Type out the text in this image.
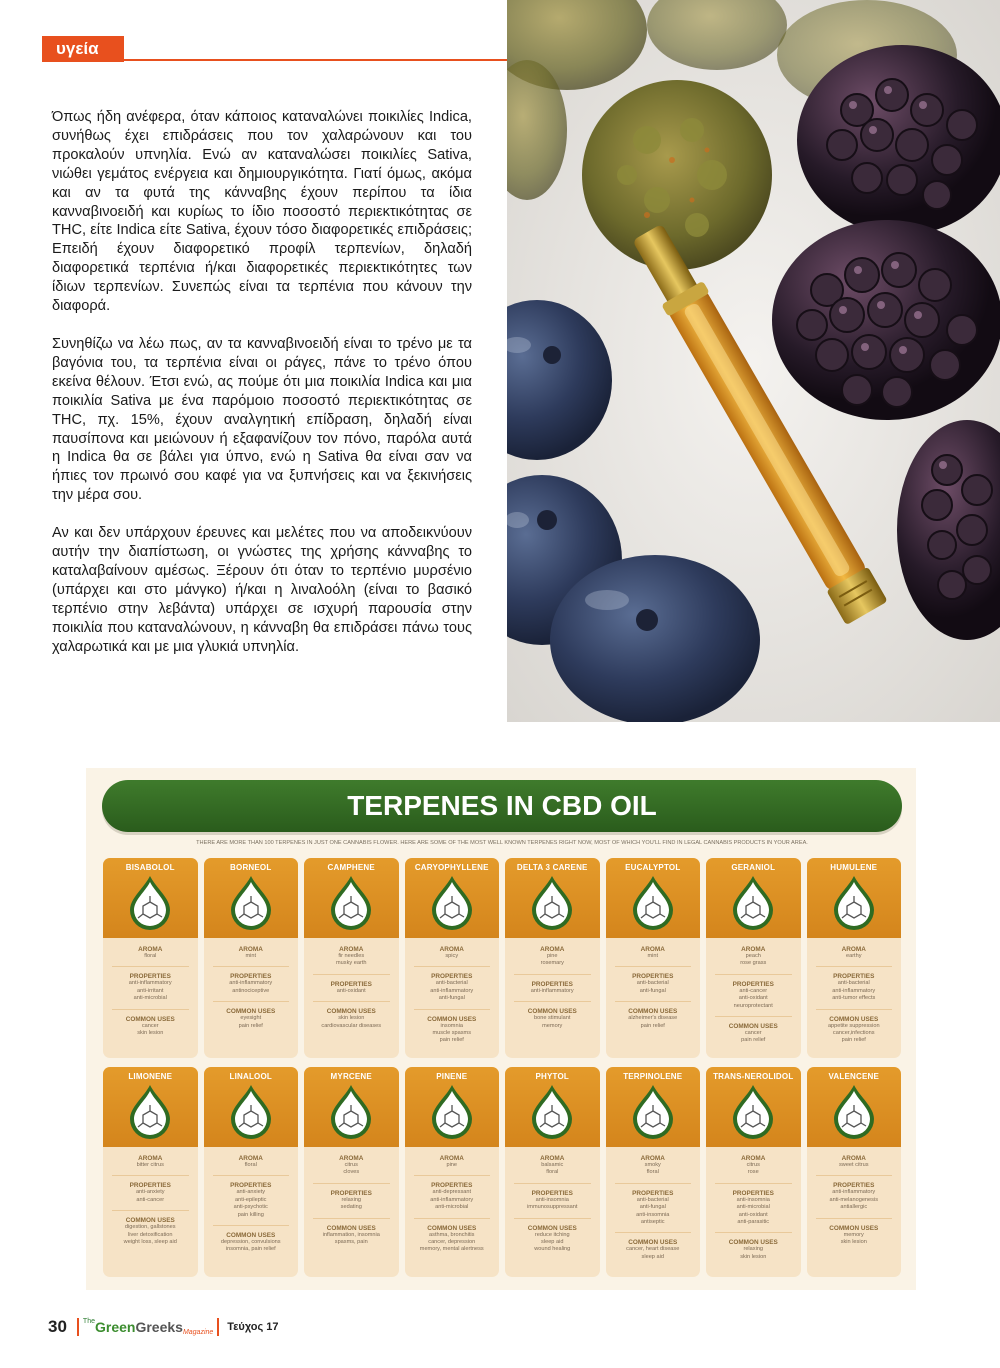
υγεία

Όπως ήδη ανέφερα, όταν κάποιος καταναλώνει ποικιλίες Indica, συνήθως έχει επιδράσεις που τον χαλαρώνουν και του προκαλούν υπνηλία. Ενώ αν καταναλώσει ποικιλίες Sativa, νιώθει γεμάτος ενέργεια και δημιουργικότητα. Γιατί όμως, ακόμα και αν τα φυτά της κάνναβης έχουν περίπου τα ίδια κανναβινοειδή και κυρίως το ίδιο ποσοστό περιεκτικότητας σε THC, είτε Indica είτε Sativa, έχουν τόσο διαφορετικές επιδράσεις; Επειδή έχουν διαφορετικό προφίλ τερπενίων, δηλαδή διαφορετικά τερπένια ή/και διαφορετικές περιεκτικότητες των ίδιων τερπενίων. Συνεπώς είναι τα τερπένια που κάνουν την διαφορά.

Συνηθίζω να λέω πως, αν τα κανναβινοειδή είναι το τρένο με τα βαγόνια του, τα τερπένια είναι οι ράγες, πάνε το τρένο όπου εκείνα θέλουν. Έτσι ενώ, ας πούμε ότι μια ποικιλία Indica και μια ποικιλία Sativa με ένα παρόμοιο ποσοστό περιεκτικότητας σε THC, πχ. 15%, έχουν αναλγητική επίδραση, δηλαδή είναι παυσίπονα και μειώνουν ή εξαφανίζουν τον πόνο, παρόλα αυτά η Indica θα σε βάλει για ύπνο, ενώ η Sativa θα είναι σαν να ήπιες τον πρωινό σου καφέ για να ξυπνήσεις και να ξεκινήσεις την μέρα σου.

Αν και δεν υπάρχουν έρευνες και μελέτες που να αποδεικνύουν αυτήν την διαπίστωση, οι γνώστες της χρήσης κάνναβης το καταλαβαίνουν αμέσως. Ξέρουν ότι όταν το τερπένιο μυρσένιο (υπάρχει και στο μάνγκο) ή/και η λιναλοόλη (είναι το βασικό τερπένιο στην λεβάντα) υπάρχει σε ισχυρή παρουσία στην ποικιλία που καταναλώνουν, η κάνναβη θα επιδράσει πάνω τους χαλαρωτικά και με μια γλυκιά υπνηλία.

TERPENES IN CBD OIL
THERE ARE MORE THAN 100 TERPENES IN JUST ONE CANNABIS FLOWER. HERE ARE SOME OF THE MOST WELL KNOWN TERPENES RIGHT NOW, MOST OF WHICH YOU'LL FIND IN LEGAL CANNABIS PRODUCTS IN YOUR AREA.
BISABOLOL
AROMA
floral
PROPERTIES
anti-inflammatory
anti-irritant
anti-microbial
COMMON USES
cancer
skin lesion
BORNEOL
AROMA
mint
PROPERTIES
anti-inflammatory
antinociceptive
COMMON USES
eyesight
pain relief
CAMPHENE
AROMA
fir needles
musky earth
PROPERTIES
anti-oxidant
COMMON USES
skin lesion
cardiovascular diseases
CARYOPHYLLENE
AROMA
spicy
PROPERTIES
anti-bacterial
anti-inflammatory
anti-fungal
COMMON USES
insomnia
muscle spasms
pain relief
DELTA 3 CARENE
AROMA
pine
rosemary
PROPERTIES
anti-inflammatory
COMMON USES
bone stimulant
memory
EUCALYPTOL
AROMA
mint
PROPERTIES
anti-bacterial
anti-fungal
COMMON USES
alzheimer's disease
pain relief
GERANIOL
AROMA
peach
rose grass
PROPERTIES
anti-cancer
anti-oxidant
neuroprotectant
COMMON USES
cancer
pain relief
HUMULENE
AROMA
earthy
PROPERTIES
anti-bacterial
anti-inflammatory
anti-tumor effects
COMMON USES
appetite suppression
cancer,infections
pain relief
LIMONENE
AROMA
bitter citrus
PROPERTIES
anti-anxiety
anti-cancer
COMMON USES
digestion, gallstones
liver detoxification
weight loss, sleep aid
LINALOOL
AROMA
floral
PROPERTIES
anti-anxiety
anti-epileptic
anti-psychotic
pain killing
COMMON USES
depression, convulsions
insomnia, pain relief
MYRCENE
AROMA
citrus
cloves
PROPERTIES
relaxing
sedating
COMMON USES
inflammation, insomnia
spasms, pain
PINENE
AROMA
pine
PROPERTIES
anti-depressant
anti-inflammatory
anti-microbial
COMMON USES
asthma, bronchitis
cancer, depression
memory, mental alertness
PHYTOL
AROMA
balsamic
floral
PROPERTIES
anti-insomnia
immunosuppressant
COMMON USES
reduce itching
sleep aid
wound healing
TERPINOLENE
AROMA
smoky
floral
PROPERTIES
anti-bacterial
anti-fungal
anti-insomnia
antiseptic
COMMON USES
cancer, heart disease
sleep aid
TRANS-NEROLIDOL
AROMA
citrus
rose
PROPERTIES
anti-insomnia
anti-microbial
anti-oxidant
anti-parasitic
COMMON USES
relaxing
skin lesion
VALENCENE
AROMA
sweet citrus
PROPERTIES
anti-inflammatory
anti-melanogenesis
antiallergic
COMMON USES
memory
skin lesion
30 The Green Greeks Magazine Τεύχος 17
